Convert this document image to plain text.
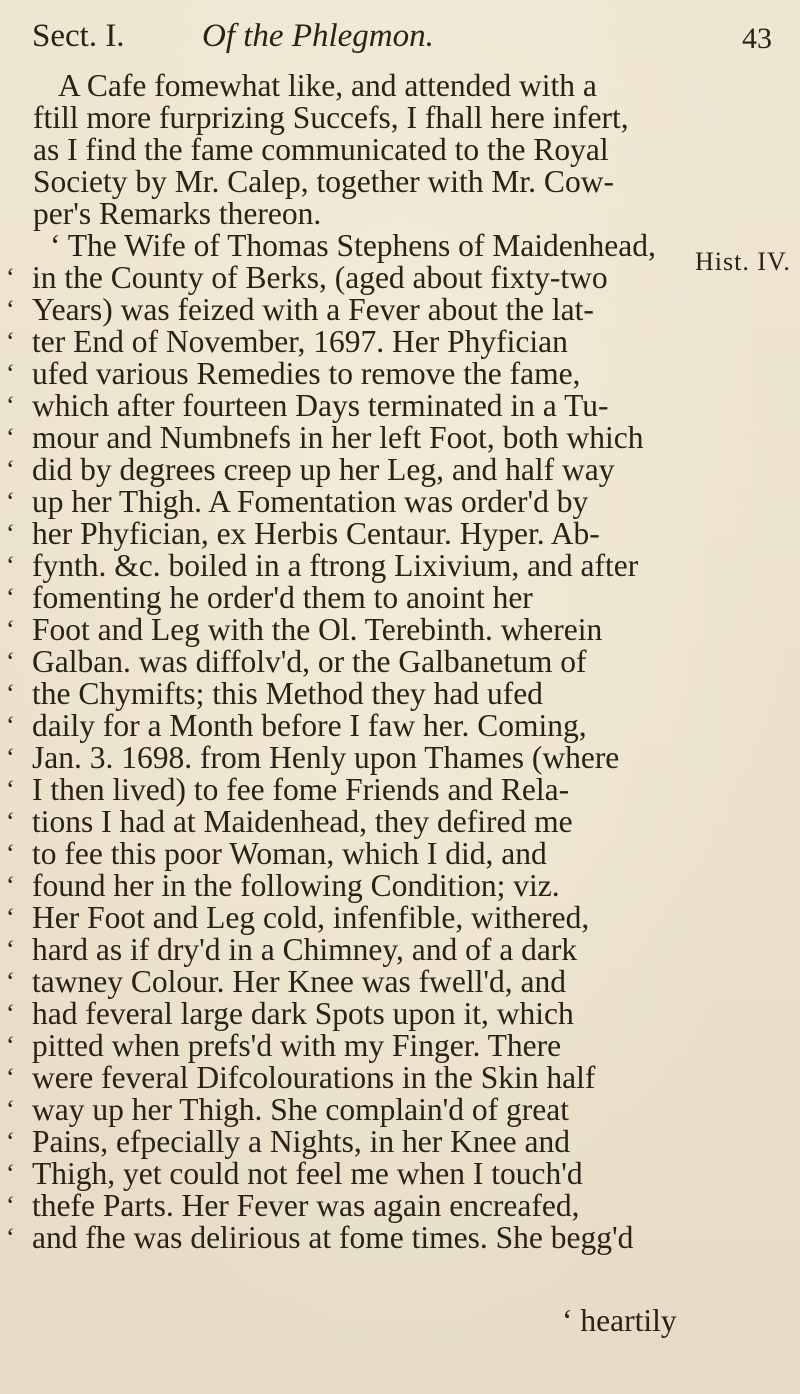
Sect. I. Of the Phlegmon.	43
Hist. IV.
A Cafe fomewhat like, and attended with a
ftill more furprizing Succefs, I fhall here infert,
as I find the fame communicated to the Royal
Society by Mr. Calep, together with Mr. Cow-
per's Remarks thereon.
‘ The Wife of Thomas Stephens of Maidenhead,
‘ in the County of Berks, (aged about fixty-two
‘ Years) was feized with a Fever about the lat-
‘ ter End of November, 1697. Her Phyfician
‘ ufed various Remedies to remove the fame,
‘ which after fourteen Days terminated in a Tu-
‘ mour and Numbnefs in her left Foot, both which
‘ did by degrees creep up her Leg, and half way
‘ up her Thigh. A Fomentation was order'd by
‘ her Phyfician, ex Herbis Centaur. Hyper. Ab-
‘ fynth. &c. boiled in a ftrong Lixivium, and after
‘ fomenting he order'd them to anoint her
‘ Foot and Leg with the Ol. Terebinth. wherein
‘ Galban. was diffolv'd, or the Galbanetum of
‘ the Chymifts; this Method they had ufed
‘ daily for a Month before I faw her. Coming,
‘ Jan. 3. 1698. from Henly upon Thames (where
‘ I then lived) to fee fome Friends and Rela-
‘ tions I had at Maidenhead, they defired me
‘ to fee this poor Woman, which I did, and
‘ found her in the following Condition; viz.
‘ Her Foot and Leg cold, infenfible, withered,
‘ hard as if dry'd in a Chimney, and of a dark
‘ tawney Colour. Her Knee was fwell'd, and
‘ had feveral large dark Spots upon it, which
‘ pitted when prefs'd with my Finger. There
‘ were feveral Difcolourations in the Skin half
‘ way up her Thigh. She complain'd of great
‘ Pains, efpecially a Nights, in her Knee and
‘ Thigh, yet could not feel me when I touch'd
‘ thefe Parts. Her Fever was again encreafed,
‘ and fhe was delirious at fome times. She begg'd
‘ heartily
